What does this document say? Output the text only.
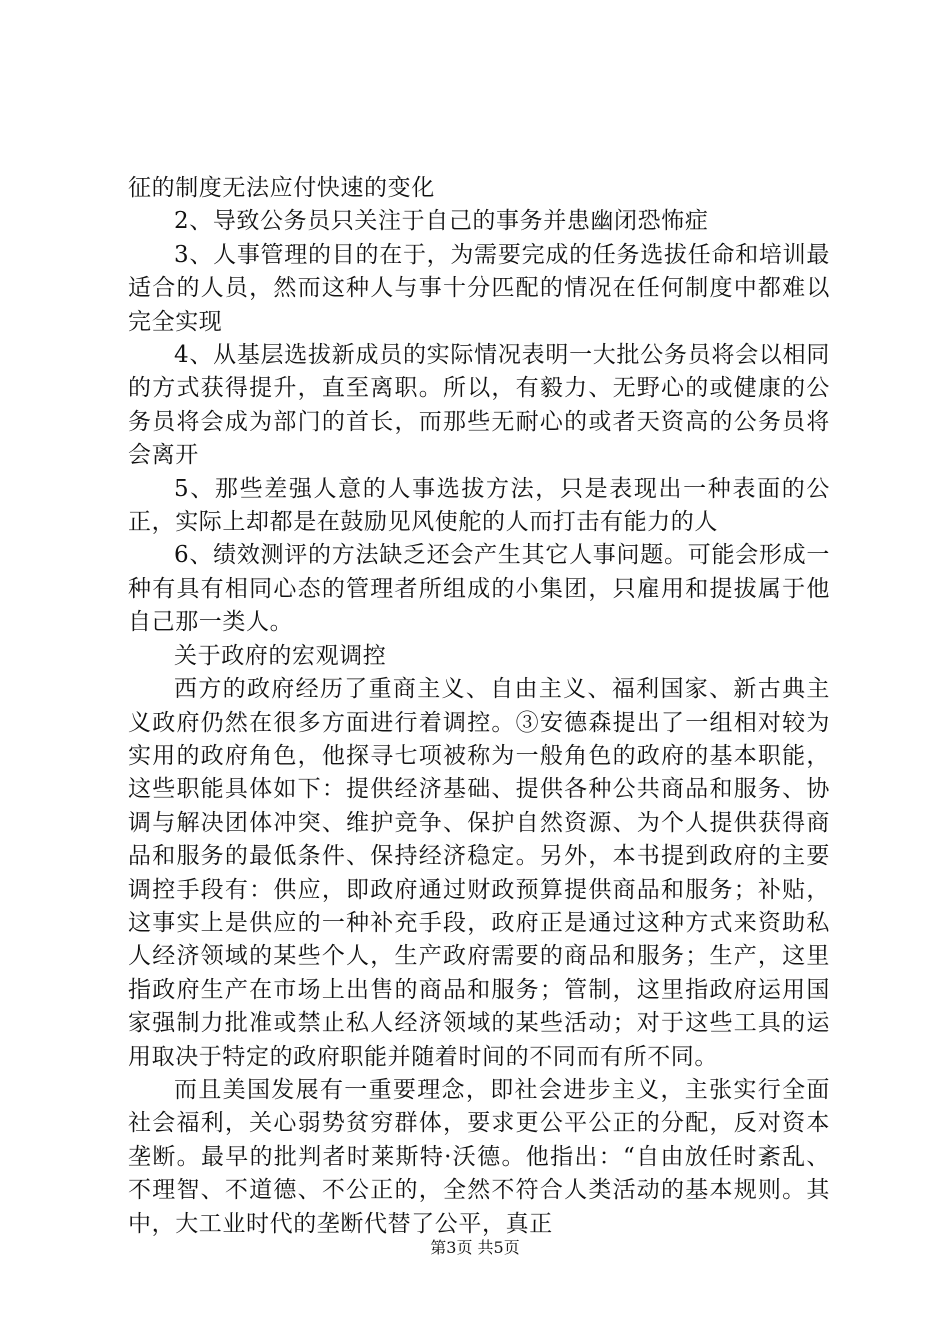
征的制度无法应付快速的变化

2、导致公务员只关注于自己的事务并患幽闭恐怖症

3、人事管理的目的在于，为需要完成的任务选拔任命和培训最适合的人员，然而这种人与事十分匹配的情况在任何制度中都难以完全实现

4、从基层选拔新成员的实际情况表明一大批公务员将会以相同的方式获得提升，直至离职。所以，有毅力、无野心的或健康的公务员将会成为部门的首长，而那些无耐心的或者天资高的公务员将会离开

5、那些差强人意的人事选拔方法，只是表现出一种表面的公正，实际上却都是在鼓励见风使舵的人而打击有能力的人

6、绩效测评的方法缺乏还会产生其它人事问题。可能会形成一种有具有相同心态的管理者所组成的小集团，只雇用和提拔属于他自己那一类人。

关于政府的宏观调控

西方的政府经历了重商主义、自由主义、福利国家、新古典主义政府仍然在很多方面进行着调控。③安德森提出了一组相对较为实用的政府角色，他探寻七项被称为一般角色的政府的基本职能，这些职能具体如下：提供经济基础、提供各种公共商品和服务、协调与解决团体冲突、维护竞争、保护自然资源、为个人提供获得商品和服务的最低条件、保持经济稳定。另外，本书提到政府的主要调控手段有：供应，即政府通过财政预算提供商品和服务；补贴，这事实上是供应的一种补充手段，政府正是通过这种方式来资助私人经济领域的某些个人，生产政府需要的商品和服务；生产，这里指政府生产在市场上出售的商品和服务；管制，这里指政府运用国家强制力批准或禁止私人经济领域的某些活动；对于这些工具的运用取决于特定的政府职能并随着时间的不同而有所不同。

而且美国发展有一重要理念，即社会进步主义，主张实行全面社会福利，关心弱势贫穷群体，要求更公平公正的分配，反对资本垄断。最早的批判者时莱斯特·沃德。他指出：“自由放任时紊乱、不理智、不道德、不公正的，全然不符合人类活动的基本规则。其中，大工业时代的垄断代替了公平，真正

第3页 共5页
